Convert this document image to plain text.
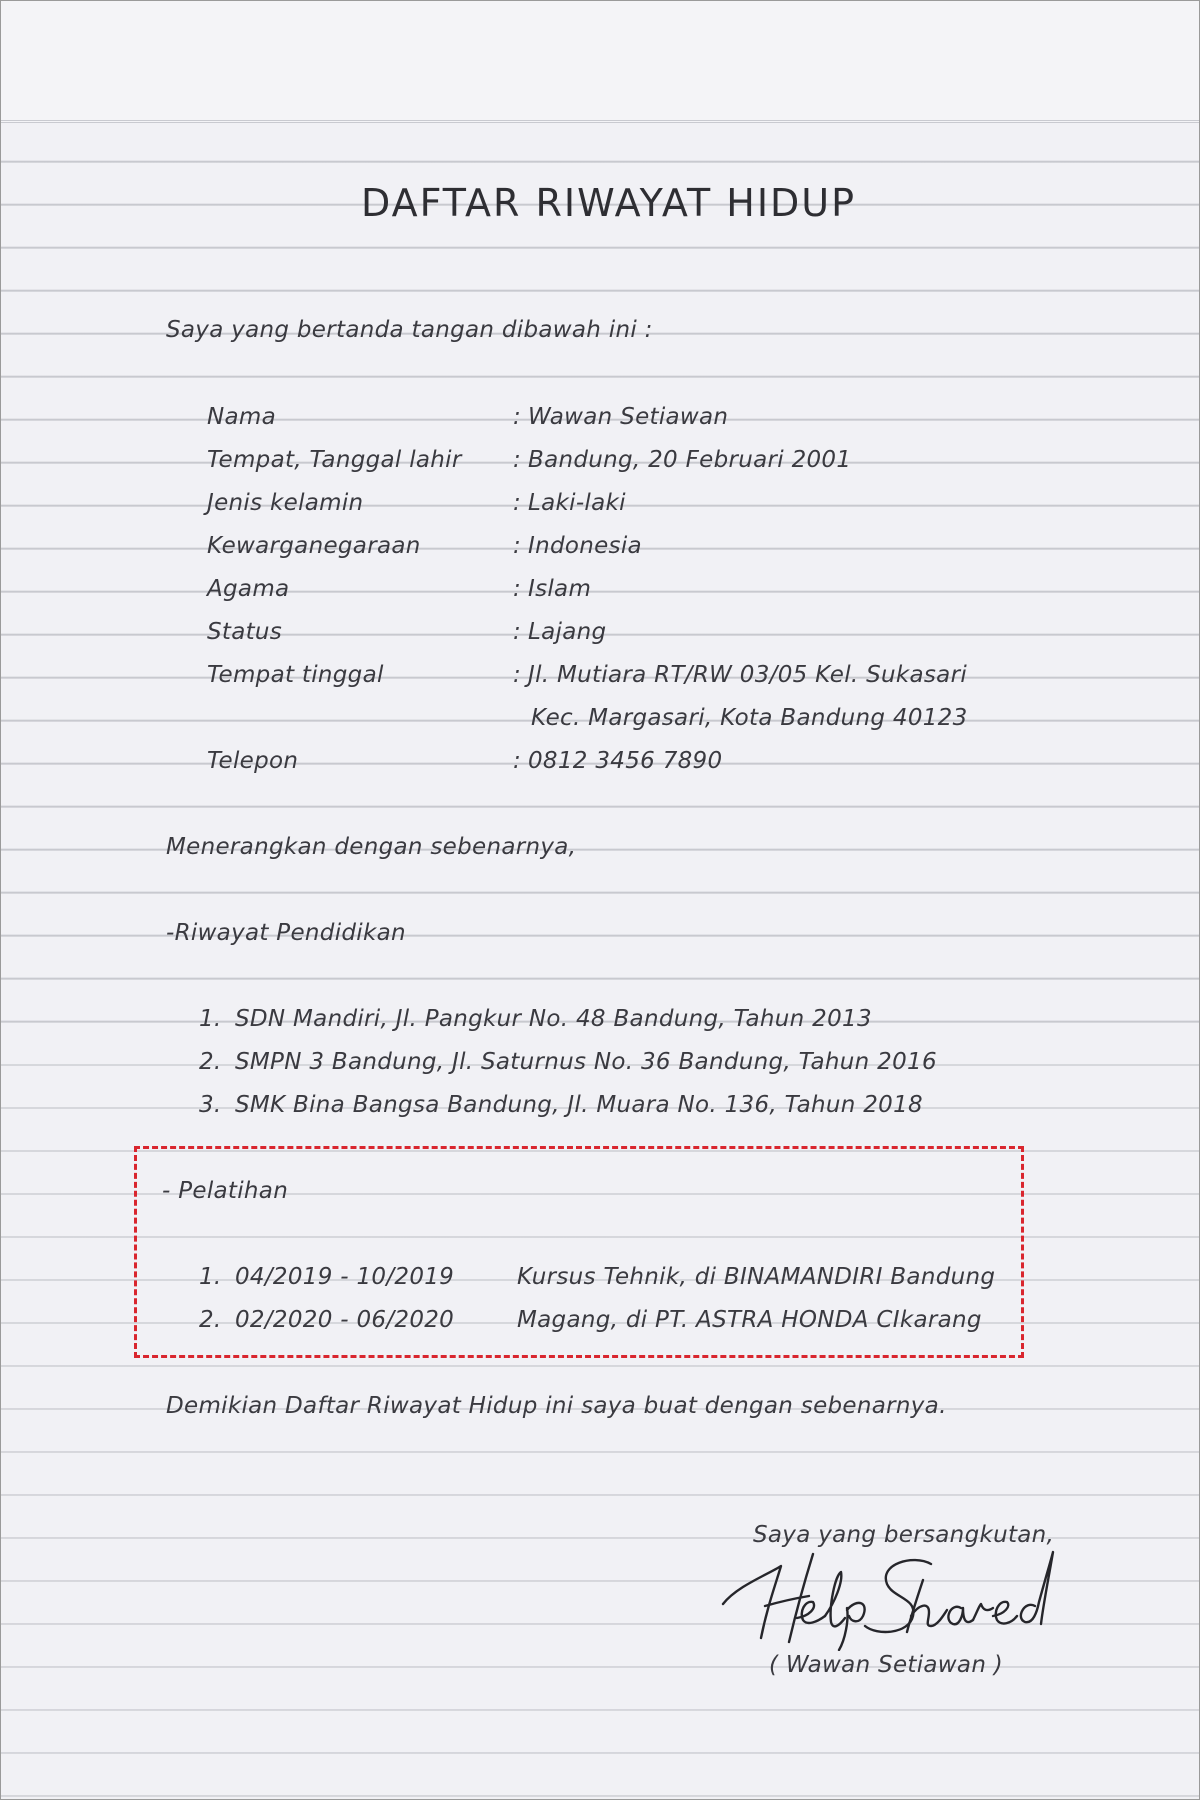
DAFTAR RIWAYAT HIDUP
Saya yang bertanda tangan dibawah ini :
Nama	: Wawan Setiawan
Tempat, Tanggal lahir : Bandung, 20 Februari 2001
Jenis kelamin	: Laki-laki
Kewarganegaraan	: Indonesia
Agama	: Islam
Status	: Lajang
Tempat tinggal	: Jl. Mutiara RT/RW 03/05 Kel. Sukasari
Kec. Margasari, Kota Bandung 40123
Telepon	: 0812 3456 7890
Menerangkan dengan sebenarnya,
-Riwayat Pendidikan
1. SDN Mandiri, Jl. Pangkur No. 48 Bandung, Tahun 2013
2. SMPN 3 Bandung, Jl. Saturnus No. 36 Bandung, Tahun 2016
3. SMK Bina Bangsa Bandung, Jl. Muara No. 136, Tahun 2018
- Pelatihan
1. 04/2019 - 10/2019	Kursus Tehnik, di BINAMANDIRI Bandung
2. 02/2020 - 06/2020	Magang, di PT. ASTRA HONDA CIkarang
Demikian Daftar Riwayat Hidup ini saya buat dengan sebenarnya.
Saya yang bersangkutan,
( Wawan Setiawan )
